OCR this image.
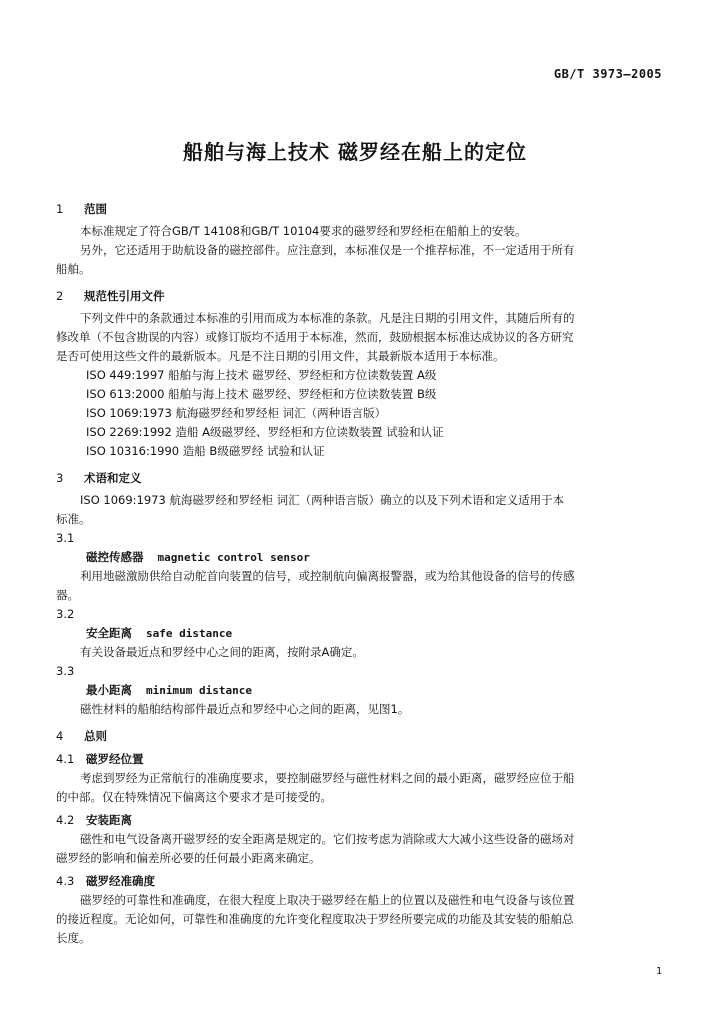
GB/T 3973—2005
船舶与海上技术 磁罗经在船上的定位
1 范围

本标准规定了符合GB/T 14108和GB/T 10104要求的磁罗经和罗经柜在船舶上的安装。

另外，它还适用于助航设备的磁控部件。应注意到，本标准仅是一个推荐标准，不一定适用于所有

船舶。

2 规范性引用文件

下列文件中的条款通过本标准的引用而成为本标准的条款。凡是注日期的引用文件，其随后所有的

修改单（不包含勘误的内容）或修订版均不适用于本标准，然而，鼓励根据本标准达成协议的各方研究

是否可使用这些文件的最新版本。凡是不注日期的引用文件，其最新版本适用于本标准。

ISO 449:1997 船舶与海上技术 磁罗经、罗经柜和方位读数装置 A级

ISO 613:2000 船舶与海上技术 磁罗经、罗经柜和方位读数装置 B级

ISO 1069:1973 航海磁罗经和罗经柜 词汇（两种语言版）

ISO 2269:1992 造船 A级磁罗经、罗经柜和方位读数装置 试验和认证

ISO 10316:1990 造船 B级磁罗经 试验和认证

3 术语和定义

ISO 1069:1973 航海磁罗经和罗经柜 词汇（两种语言版）确立的以及下列术语和定义适用于本

标准。

3.1

磁控传感器 magnetic control sensor

利用地磁激励供给自动舵首向装置的信号，或控制航向偏离报警器，或为给其他设备的信号的传感

器。

3.2

安全距离 safe distance

有关设备最近点和罗经中心之间的距离，按附录A确定。

3.3

最小距离 minimum distance

磁性材料的船舶结构部件最近点和罗经中心之间的距离，见图1。

4 总则
4.1 磁罗经位置

考虑到罗经为正常航行的准确度要求，要控制磁罗经与磁性材料之间的最小距离，磁罗经应位于船

的中部。仅在特殊情况下偏离这个要求才是可接受的。

4.2 安装距离

磁性和电气设备离开磁罗经的安全距离是规定的。它们按考虑为消除或大大减小这些设备的磁场对

磁罗经的影响和偏差所必要的任何最小距离来确定。

4.3 磁罗经准确度

磁罗经的可靠性和准确度，在很大程度上取决于磁罗经在船上的位置以及磁性和电气设备与该位置

的接近程度。无论如何，可靠性和准确度的允许变化程度取决于罗经所要完成的功能及其安装的船舶总

长度。

1
